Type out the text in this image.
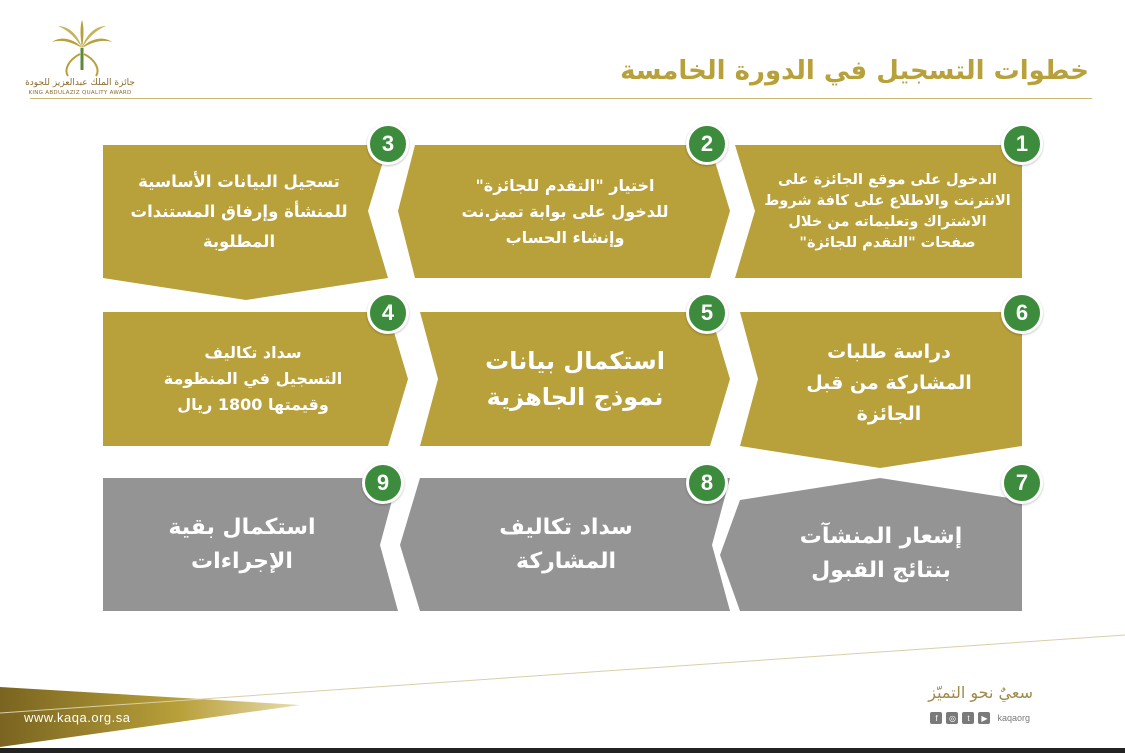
جائزة الملك عبدالعزيز للجودة
KING ABDULAZIZ QUALITY AWARD
خطوات التسجيل في الدورة الخامسة
الدخول على موقع الجائزة على
الانترنت والاطلاع على كافة شروط
الاشتراك وتعليماته من خلال
صفحات "التقدم للجائزة"
اختيار "التقدم للجائزة"
للدخول على بوابة تميز.نت
وإنشاء الحساب
تسجيل البيانات الأساسية
للمنشأة وإرفاق المستندات
المطلوبة
سداد تكاليف
التسجيل في المنظومة
وقيمتها 1800 ريال
استكمال بيانات
نموذج الجاهزية
دراسة طلبات
المشاركة من قبل
الجائزة
إشعار المنشآت
بنتائج القبول
سداد تكاليف
المشاركة
استكمال بقية
الإجراءات
1
2
3
4	5	6
7
8
9
www.kaqa.org.sa
سعيٌ نحو التميّز
f	◎	t	▶	kaqaorg
